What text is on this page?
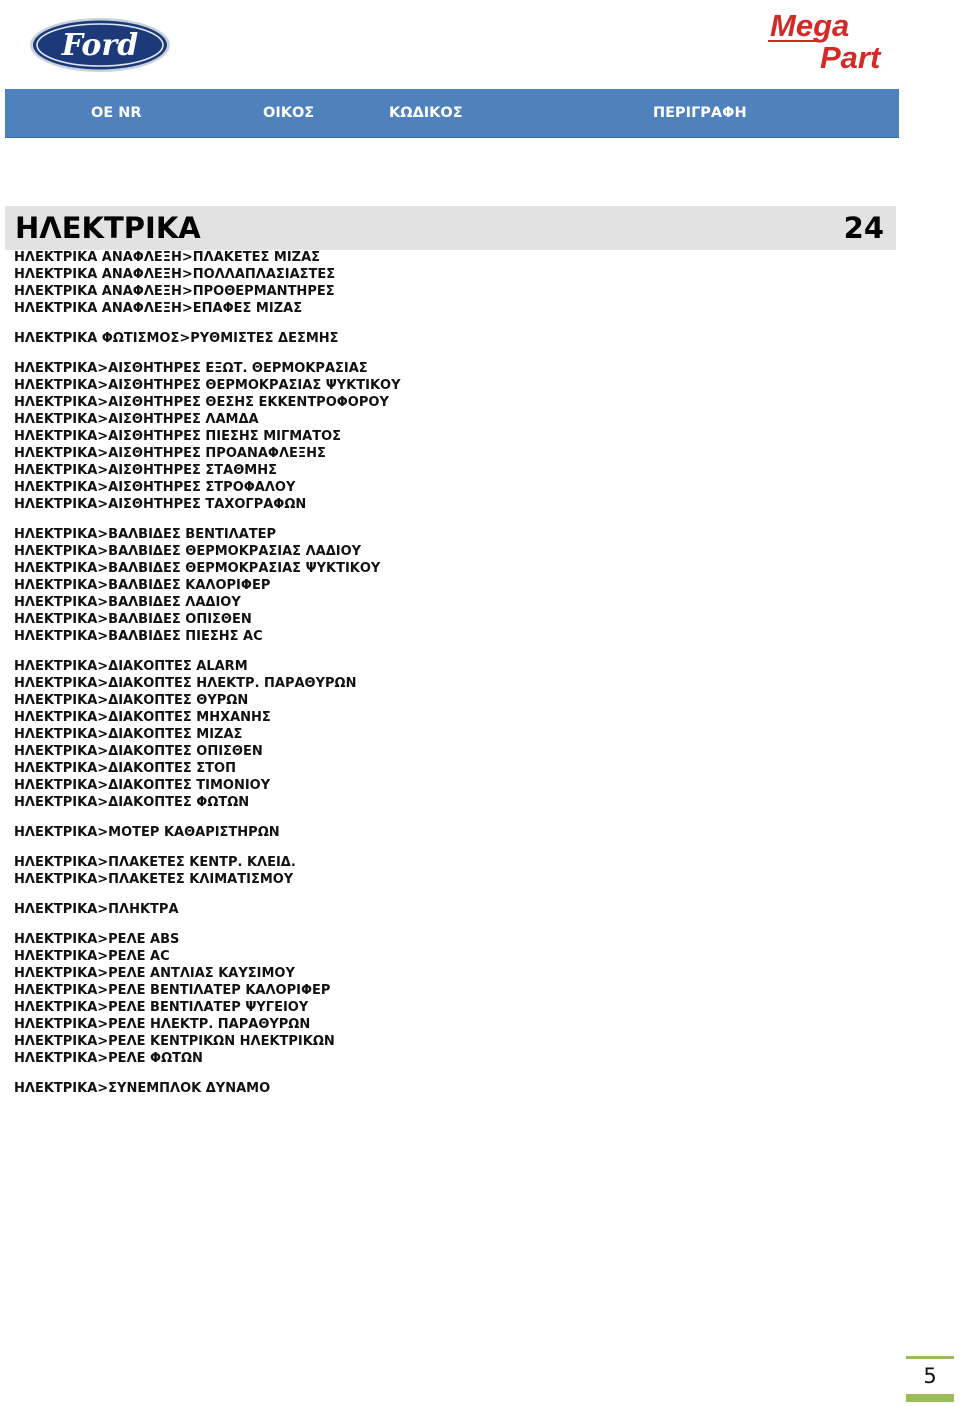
Ford
Mega
Part
OE NR	ΟΙΚΟΣ	ΚΩΔΙΚΟΣ	ΠΕΡΙΓΡΑΦΗ
ΗΛΕΚΤΡΙΚΑ	24
ΗΛΕΚΤΡΙΚΑ ΑΝΑΦΛΕΞΗ>ΠΛΑΚΕΤΕΣ ΜΙΖΑΣ
ΗΛΕΚΤΡΙΚΑ ΑΝΑΦΛΕΞΗ>ΠΟΛΛΑΠΛΑΣΙΑΣΤΕΣ
ΗΛΕΚΤΡΙΚΑ ΑΝΑΦΛΕΞΗ>ΠΡΟΘΕΡΜΑΝΤΗΡΕΣ
ΗΛΕΚΤΡΙΚΑ ΑΝΑΦΛΕΞΗ>ΕΠΑΦΕΣ ΜΙΖΑΣ
ΗΛΕΚΤΡΙΚΑ ΦΩΤΙΣΜΟΣ>ΡΥΘΜΙΣΤΕΣ ΔΕΣΜΗΣ
ΗΛΕΚΤΡΙΚΑ>ΑΙΣΘΗΤΗΡΕΣ ΕΞΩΤ. ΘΕΡΜΟΚΡΑΣΙΑΣ
ΗΛΕΚΤΡΙΚΑ>ΑΙΣΘΗΤΗΡΕΣ ΘΕΡΜΟΚΡΑΣΙΑΣ ΨΥΚΤΙΚΟΥ
ΗΛΕΚΤΡΙΚΑ>ΑΙΣΘΗΤΗΡΕΣ ΘΕΣΗΣ ΕΚΚΕΝΤΡΟΦΟΡΟΥ
ΗΛΕΚΤΡΙΚΑ>ΑΙΣΘΗΤΗΡΕΣ ΛΑΜΔΑ
ΗΛΕΚΤΡΙΚΑ>ΑΙΣΘΗΤΗΡΕΣ ΠΙΕΣΗΣ ΜΙΓΜΑΤΟΣ
ΗΛΕΚΤΡΙΚΑ>ΑΙΣΘΗΤΗΡΕΣ ΠΡΟΑΝΑΦΛΕΞΗΣ
ΗΛΕΚΤΡΙΚΑ>ΑΙΣΘΗΤΗΡΕΣ ΣΤΑΘΜΗΣ
ΗΛΕΚΤΡΙΚΑ>ΑΙΣΘΗΤΗΡΕΣ ΣΤΡΟΦΑΛΟΥ
ΗΛΕΚΤΡΙΚΑ>ΑΙΣΘΗΤΗΡΕΣ ΤΑΧΟΓΡΑΦΩΝ
ΗΛΕΚΤΡΙΚΑ>ΒΑΛΒΙΔΕΣ ΒΕΝΤΙΛΑΤΕΡ
ΗΛΕΚΤΡΙΚΑ>ΒΑΛΒΙΔΕΣ ΘΕΡΜΟΚΡΑΣΙΑΣ ΛΑΔΙΟΥ
ΗΛΕΚΤΡΙΚΑ>ΒΑΛΒΙΔΕΣ ΘΕΡΜΟΚΡΑΣΙΑΣ ΨΥΚΤΙΚΟΥ
ΗΛΕΚΤΡΙΚΑ>ΒΑΛΒΙΔΕΣ ΚΑΛΟΡΙΦΕΡ
ΗΛΕΚΤΡΙΚΑ>ΒΑΛΒΙΔΕΣ ΛΑΔΙΟΥ
ΗΛΕΚΤΡΙΚΑ>ΒΑΛΒΙΔΕΣ ΟΠΙΣΘΕΝ
ΗΛΕΚΤΡΙΚΑ>ΒΑΛΒΙΔΕΣ ΠΙΕΣΗΣ AC
ΗΛΕΚΤΡΙΚΑ>ΔΙΑΚΟΠΤΕΣ ALARM
ΗΛΕΚΤΡΙΚΑ>ΔΙΑΚΟΠΤΕΣ ΗΛΕΚΤΡ. ΠΑΡΑΘΥΡΩΝ
ΗΛΕΚΤΡΙΚΑ>ΔΙΑΚΟΠΤΕΣ ΘΥΡΩΝ
ΗΛΕΚΤΡΙΚΑ>ΔΙΑΚΟΠΤΕΣ ΜΗΧΑΝΗΣ
ΗΛΕΚΤΡΙΚΑ>ΔΙΑΚΟΠΤΕΣ ΜΙΖΑΣ
ΗΛΕΚΤΡΙΚΑ>ΔΙΑΚΟΠΤΕΣ ΟΠΙΣΘΕΝ
ΗΛΕΚΤΡΙΚΑ>ΔΙΑΚΟΠΤΕΣ ΣΤΟΠ
ΗΛΕΚΤΡΙΚΑ>ΔΙΑΚΟΠΤΕΣ ΤΙΜΟΝΙΟΥ
ΗΛΕΚΤΡΙΚΑ>ΔΙΑΚΟΠΤΕΣ ΦΩΤΩΝ
ΗΛΕΚΤΡΙΚΑ>ΜΟΤΕΡ ΚΑΘΑΡΙΣΤΗΡΩΝ
ΗΛΕΚΤΡΙΚΑ>ΠΛΑΚΕΤΕΣ ΚΕΝΤΡ. ΚΛΕΙΔ.
ΗΛΕΚΤΡΙΚΑ>ΠΛΑΚΕΤΕΣ ΚΛΙΜΑΤΙΣΜΟΥ
ΗΛΕΚΤΡΙΚΑ>ΠΛΗΚΤΡΑ
ΗΛΕΚΤΡΙΚΑ>ΡΕΛΕ ABS
ΗΛΕΚΤΡΙΚΑ>ΡΕΛΕ AC
ΗΛΕΚΤΡΙΚΑ>ΡΕΛΕ ΑΝΤΛΙΑΣ ΚΑΥΣΙΜΟΥ
ΗΛΕΚΤΡΙΚΑ>ΡΕΛΕ ΒΕΝΤΙΛΑΤΕΡ ΚΑΛΟΡΙΦΕΡ
ΗΛΕΚΤΡΙΚΑ>ΡΕΛΕ ΒΕΝΤΙΛΑΤΕΡ ΨΥΓΕΙΟΥ
ΗΛΕΚΤΡΙΚΑ>ΡΕΛΕ ΗΛΕΚΤΡ. ΠΑΡΑΘΥΡΩΝ
ΗΛΕΚΤΡΙΚΑ>ΡΕΛΕ ΚΕΝΤΡΙΚΩΝ ΗΛΕΚΤΡΙΚΩΝ
ΗΛΕΚΤΡΙΚΑ>ΡΕΛΕ ΦΩΤΩΝ
ΗΛΕΚΤΡΙΚΑ>ΣΥΝΕΜΠΛΟΚ ΔΥΝΑΜΟ
5
